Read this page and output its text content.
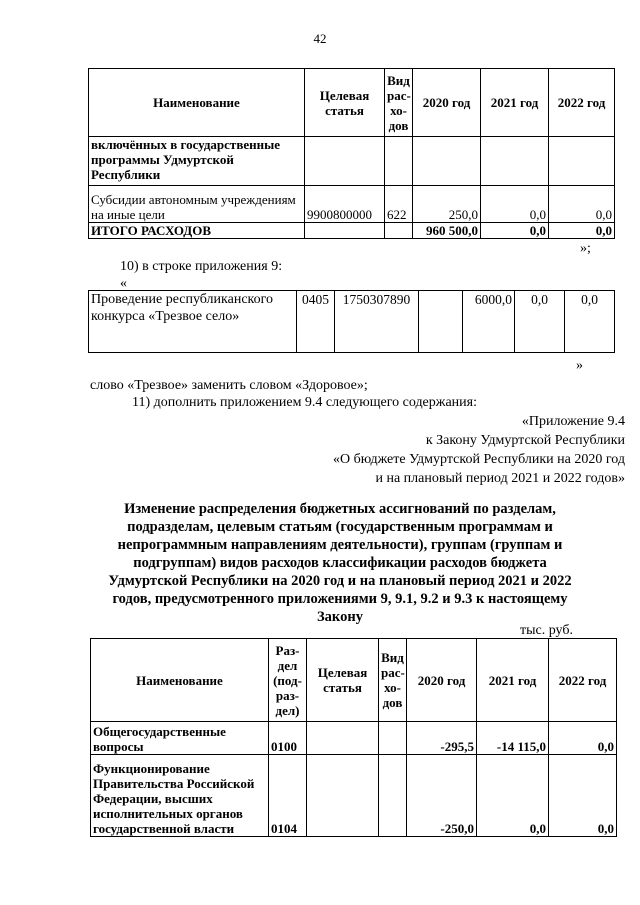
42
Наименование	Целевая статья	Вид рас-хо-дов	2020 год	2021 год	2022 год
включённых в государственные программы Удмуртской Республики					
Субсидии автономным учреждениям на иные цели	9900800000	622	250,0	0,0	0,0
ИТОГО РАСХОДОВ			960 500,0	0,0	0,0
»;
10) в строке приложения 9:
«
Проведение республиканского конкурса «Трезвое село»	0405	1750307890		6000,0	0,0	0,0
»
слово «Трезвое» заменить словом «Здоровое»;
11) дополнить приложением 9.4 следующего содержания:
«Приложение 9.4
к Закону Удмуртской Республики
«О бюджете Удмуртской Республики на 2020 год
и на плановый период 2021 и 2022 годов»
Изменение распределения бюджетных ассигнований по разделам,
подразделам, целевым статьям (государственным программам и
непрограммным направлениям деятельности), группам (группам и
подгруппам) видов расходов классификации расходов бюджета
Удмуртской Республики на 2020 год и на плановый период 2021 и 2022
годов, предусмотренного приложениями 9, 9.1, 9.2 и 9.3 к настоящему
Закону
тыс. руб.
Наименование	Раз-дел (под-раз-дел)	Целевая статья	Вид рас-хо-дов	2020 год	2021 год	2022 год
Общегосударственные вопросы	0100			-295,5	-14 115,0	0,0
Функционирование Правительства Российской Федерации, высших исполнительных органов государственной власти	0104			-250,0	0,0	0,0
